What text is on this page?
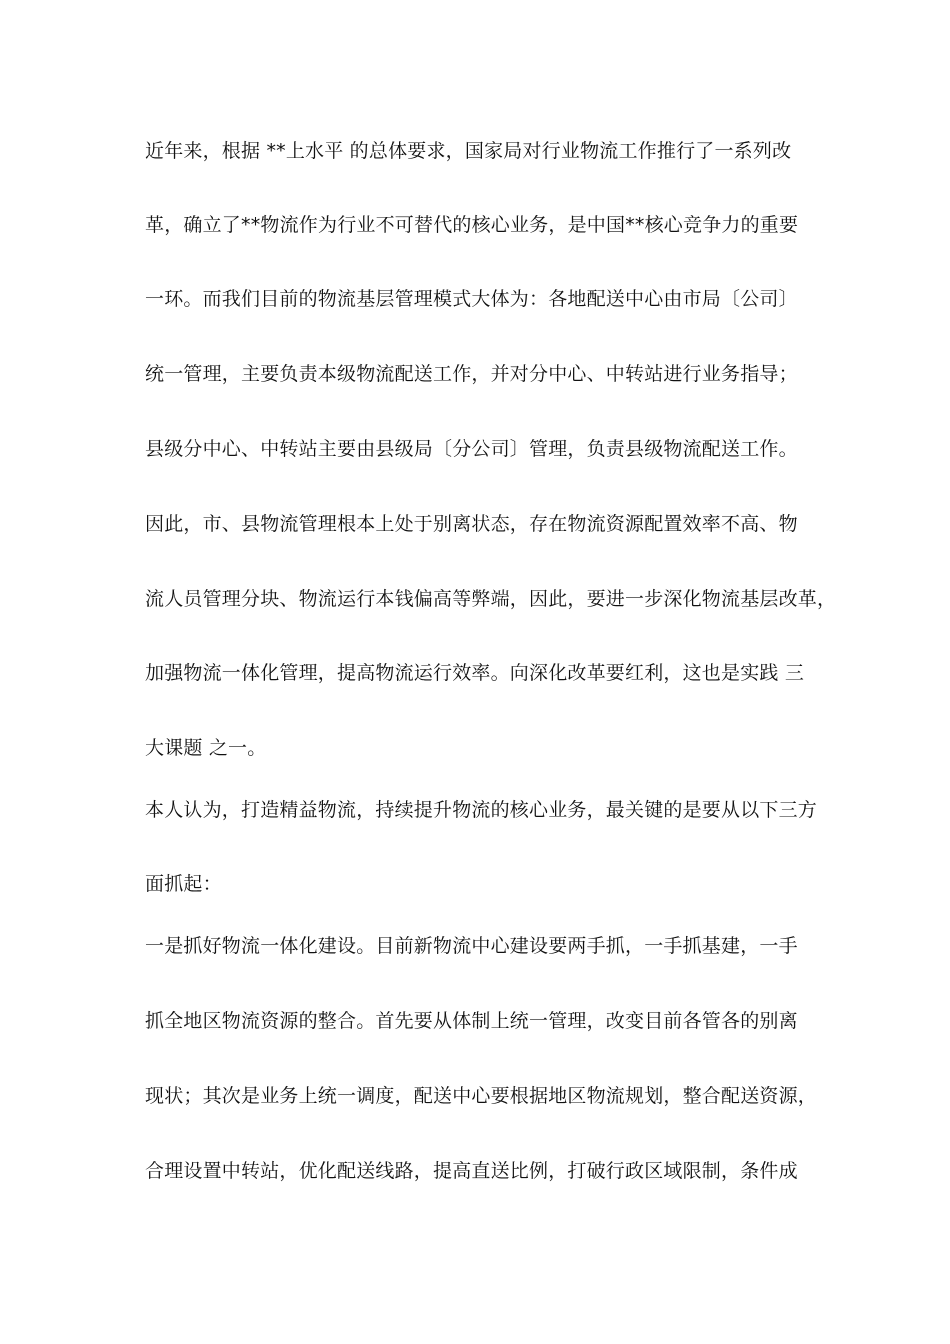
近年来，根据 **上水平 的总体要求，国家局对行业物流工作推行了一系列改
革，确立了**物流作为行业不可替代的核心业务，是中国**核心竞争力的重要
一环。而我们目前的物流基层管理模式大体为：各地配送中心由市局〔公司〕
统一管理，主要负责本级物流配送工作，并对分中心、中转站进行业务指导；
县级分中心、中转站主要由县级局〔分公司〕管理，负责县级物流配送工作。
因此，市、县物流管理根本上处于别离状态，存在物流资源配置效率不高、物
流人员管理分块、物流运行本钱偏高等弊端，因此，要进一步深化物流基层改革，
加强物流一体化管理，提高物流运行效率。向深化改革要红利，这也是实践 三
大课题 之一。
本人认为，打造精益物流，持续提升物流的核心业务，最关键的是要从以下三方
面抓起：
一是抓好物流一体化建设。目前新物流中心建设要两手抓，一手抓基建，一手
抓全地区物流资源的整合。首先要从体制上统一管理，改变目前各管各的别离
现状；其次是业务上统一调度，配送中心要根据地区物流规划，整合配送资源，
合理设置中转站，优化配送线路，提高直送比例，打破行政区域限制，条件成
